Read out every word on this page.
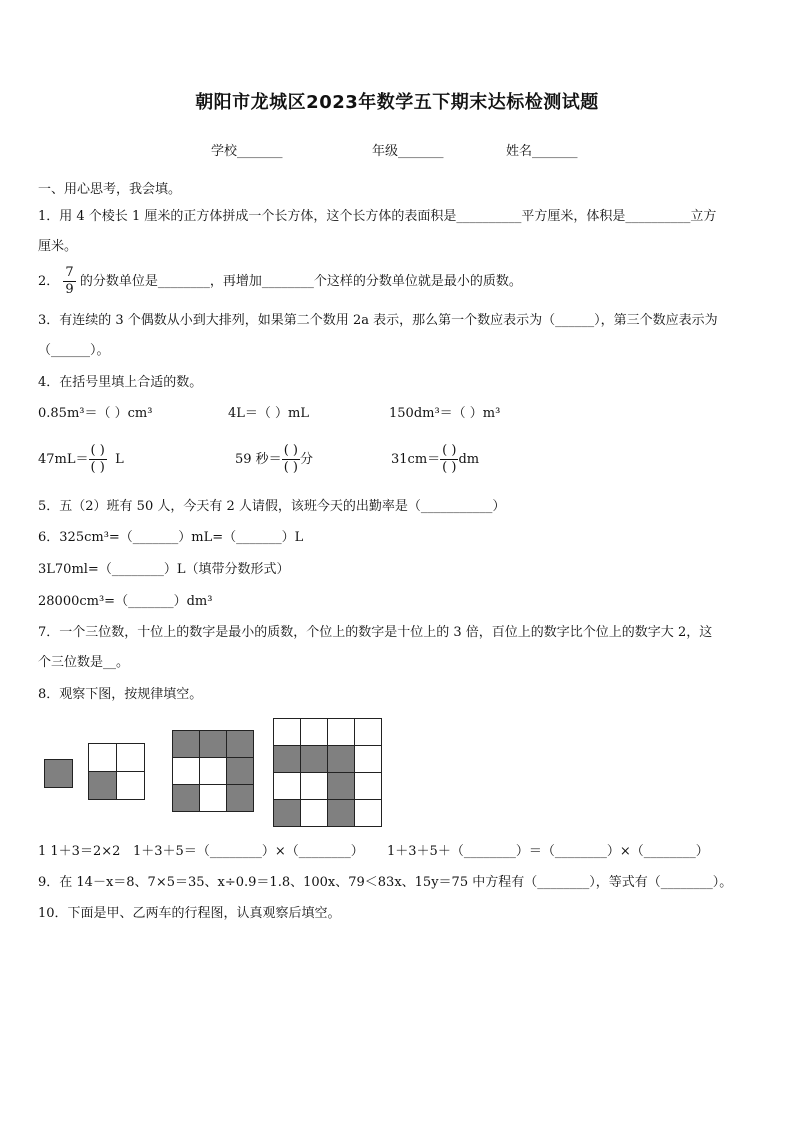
朝阳市龙城区2023年数学五下期末达标检测试题
学校_______	年级_______	姓名_______
一、用心思考，我会填。
1．用 4 个棱长 1 厘米的正方体拼成一个长方体，这个长方体的表面积是__________平方厘米，体积是__________立方
厘米。
2． $\frac{7}{9}$ 的分数单位是________，再增加________个这样的分数单位就是最小的质数。
3．有连续的 3 个偶数从小到大排列，如果第二个数用 2a 表示，那么第一个数应表示为（______），第三个数应表示为
（______）。
4．在括号里填上合适的数。
0.85m³＝（ ）cm³	4L＝（ ）mL	150dm³＝（ ）m³
$47mL= \frac{( )}{( )}$ L	59 秒＝ $\frac{( )}{( )}$ 分	$31cm= \frac{( )}{( )}$ dm
5．五（2）班有 50 人，今天有 2 人请假，该班今天的出勤率是（___________）
6．325cm³=（_______）mL=（_______）L
3L70ml=（________）L（填带分数形式）
28000cm³=（_______）dm³
7．一个三位数，十位上的数字是最小的质数，个位上的数字是十位上的 3 倍，百位上的数字比个位上的数字大 2，这
个三位数是__。
8．观察下图，按规律填空。
1 1＋3＝2×2 1＋3＋5＝（________）×（________） 1＋3＋5＋（________）＝（________）×（________）
9．在 14－x＝8、7×5＝35、x÷0.9＝1.8、100x、79＜83x、15y＝75 中方程有（________），等式有（________）。
10．下面是甲、乙两车的行程图，认真观察后填空。
